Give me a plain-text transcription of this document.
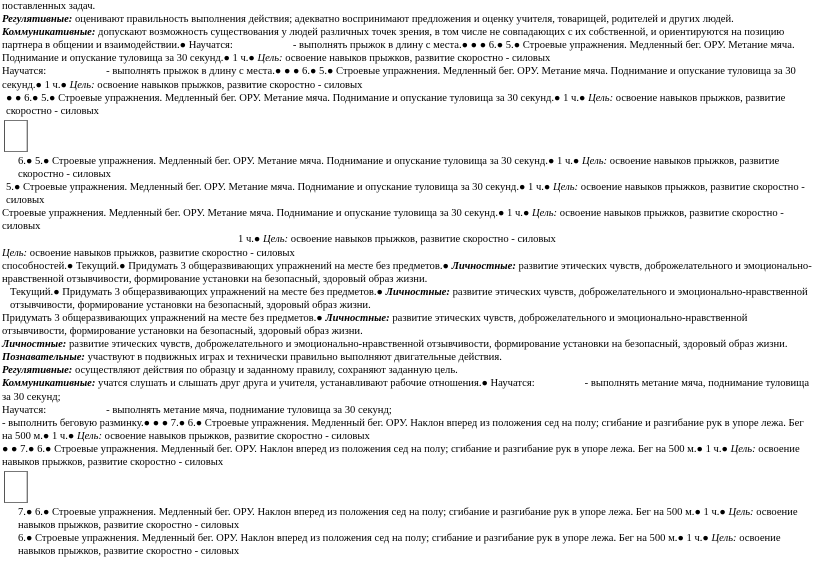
поставленных задач.

Регулятивные: оценивают правильность выполнения действия; адекватно воспринимают предложения и оценку учителя, товарищей, родителей и других людей.

Коммуникативные: допускают возможность существования у людей различных точек зрения, в том числе не совпадающих с их собственной, и ориентируются на позицию партнера в общении и взаимодействии.● Научатся:	- выполнять прыжок в длину с места.● ● ● 6.● 5.● Строевые упражнения. Медленный бег. ОРУ. Метание мяча. Поднимание и опускание туловища за 30 секунд.● 1 ч.● Цель: освоение навыков прыжков, развитие скоростно - силовых

Научатся:	- выполнять прыжок в длину с места.● ● ● 6.● 5.● Строевые упражнения. Медленный бег. ОРУ. Метание мяча. Поднимание и опускание туловища за 30 секунд.● 1 ч.● Цель: освоение навыков прыжков, развитие скоростно - силовых

● ● 6.● 5.● Строевые упражнения. Медленный бег. ОРУ. Метание мяча. Поднимание и опускание туловища за 30 секунд.● 1 ч.● Цель: освоение навыков прыжков, развитие скоростно - силовых

6.● 5.● Строевые упражнения. Медленный бег. ОРУ. Метание мяча. Поднимание и опускание туловища за 30 секунд.● 1 ч.● Цель: освоение навыков прыжков, развитие скоростно - силовых

5.● Строевые упражнения. Медленный бег. ОРУ. Метание мяча. Поднимание и опускание туловища за 30 секунд.● 1 ч.● Цель: освоение навыков прыжков, развитие скоростно - силовых

Строевые упражнения. Медленный бег. ОРУ. Метание мяча. Поднимание и опускание туловища за 30 секунд.● 1 ч.● Цель: освоение навыков прыжков, развитие скоростно - силовых

1 ч.● Цель: освоение навыков прыжков, развитие скоростно - силовых

Цель: освоение навыков прыжков, развитие скоростно - силовых

способностей.● Текущий.● Придумать 3 общеразвивающих упражнений на месте без предметов.● Личностные: развитие этических чувств, доброжелательного и эмоционально-нравственной отзывчивости, формирование установки на безопасный, здоровый образ жизни.

Текущий.● Придумать 3 общеразвивающих упражнений на месте без предметов.● Личностные: развитие этических чувств, доброжелательного и эмоционально-нравственной отзывчивости, формирование установки на безопасный, здоровый образ жизни.

Придумать 3 общеразвивающих упражнений на месте без предметов.● Личностные: развитие этических чувств, доброжелательного и эмоционально-нравственной отзывчивости, формирование установки на безопасный, здоровый образ жизни.

Личностные: развитие этических чувств, доброжелательного и эмоционально-нравственной отзывчивости, формирование установки на безопасный, здоровый образ жизни.

Познавательные: участвуют в подвижных играх и технически правильно выполняют двигательные действия.

Регулятивные: осуществляют действия по образцу и заданному правилу, сохраняют заданную цель.

Коммуникативные: учатся слушать и слышать друг друга и учителя, устанавливают рабочие отношения.● Научатся:	- выполнять метание мяча, поднимание туловища за 30 секунд;

Научатся:	- выполнять метание мяча, поднимание туловища за 30 секунд;

- выполнить беговую разминку.● ● ● 7.● 6.● Строевые упражнения. Медленный бег. ОРУ. Наклон вперед из положения сед на полу; сгибание и разгибание рук в упоре лежа. Бег на 500 м.● 1 ч.● Цель: освоение навыков прыжков, развитие скоростно - силовых

● ● 7.● 6.● Строевые упражнения. Медленный бег. ОРУ. Наклон вперед из положения сед на полу; сгибание и разгибание рук в упоре лежа. Бег на 500 м.● 1 ч.● Цель: освоение навыков прыжков, развитие скоростно - силовых

7.● 6.● Строевые упражнения. Медленный бег. ОРУ. Наклон вперед из положения сед на полу; сгибание и разгибание рук в упоре лежа. Бег на 500 м.● 1 ч.● Цель: освоение навыков прыжков, развитие скоростно - силовых

6.● Строевые упражнения. Медленный бег. ОРУ. Наклон вперед из положения сед на полу; сгибание и разгибание рук в упоре лежа. Бег на 500 м.● 1 ч.● Цель: освоение навыков прыжков, развитие скоростно - силовых
